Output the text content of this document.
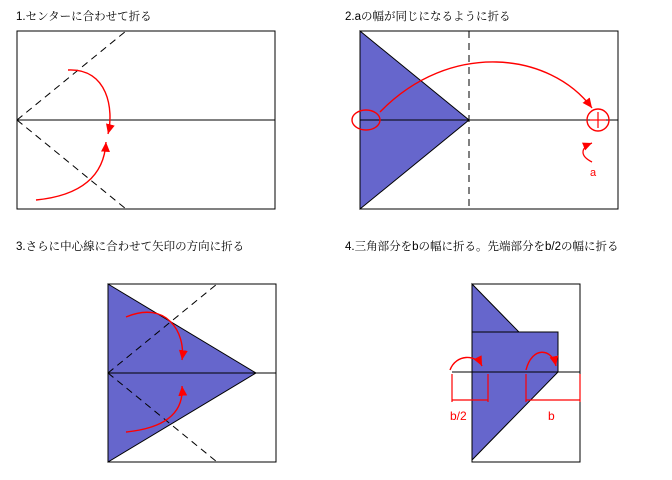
1.センターに合わせて折る	2.aの幅が同じになるように折る
a
3.さらに中心線に合わせて矢印の方向に折る	4.三角部分をbの幅に折る。先端部分をb/2の幅に折る
b/2	b
